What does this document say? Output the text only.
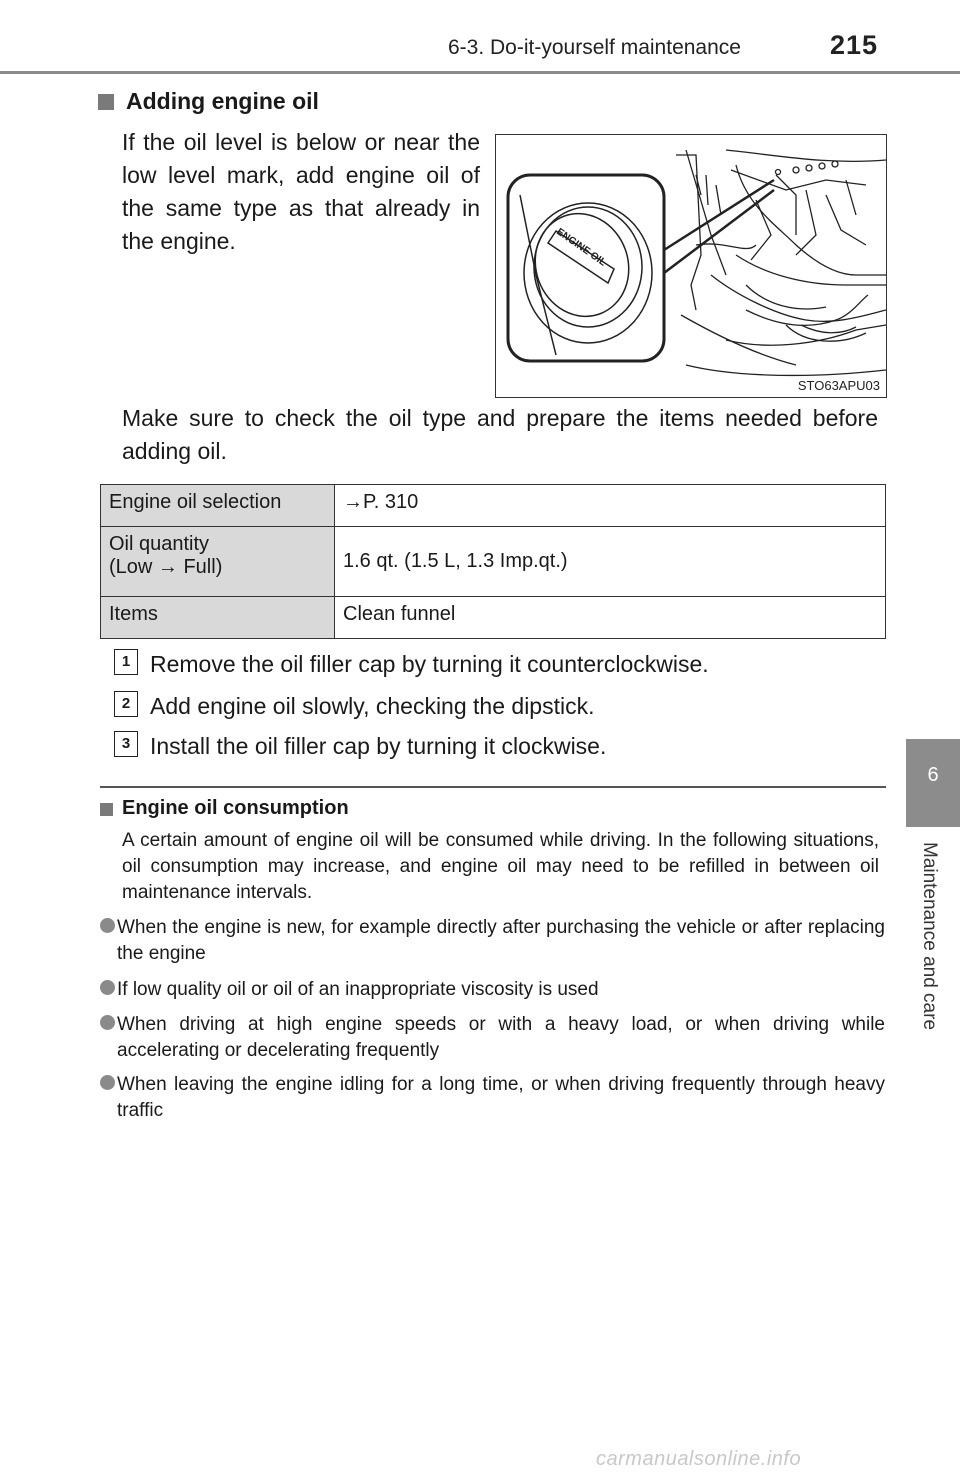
6-3. Do-it-yourself maintenance	215
6
Maintenance and care
Adding engine oil
If the oil level is below or near the low level mark, add engine oil of the same type as that already in the engine.	ENGINE OIL
STO63APU03
Make sure to check the oil type and prepare the items needed before adding oil.
Engine oil selection	→P. 310
Oil quantity
(Low → Full)	1.6 qt. (1.5 L, 1.3 Imp.qt.)
Items	Clean funnel
1 Remove the oil filler cap by turning it counterclockwise.
2 Add engine oil slowly, checking the dipstick.
3 Install the oil filler cap by turning it clockwise.
Engine oil consumption
A certain amount of engine oil will be consumed while driving. In the following situations, oil consumption may increase, and engine oil may need to be refilled in between oil maintenance intervals.
When the engine is new, for example directly after purchasing the vehicle or after replacing the engine
If low quality oil or oil of an inappropriate viscosity is used
When driving at high engine speeds or with a heavy load, or when driving while accelerating or decelerating frequently
When leaving the engine idling for a long time, or when driving frequently through heavy traffic
carmanualsonline.info
